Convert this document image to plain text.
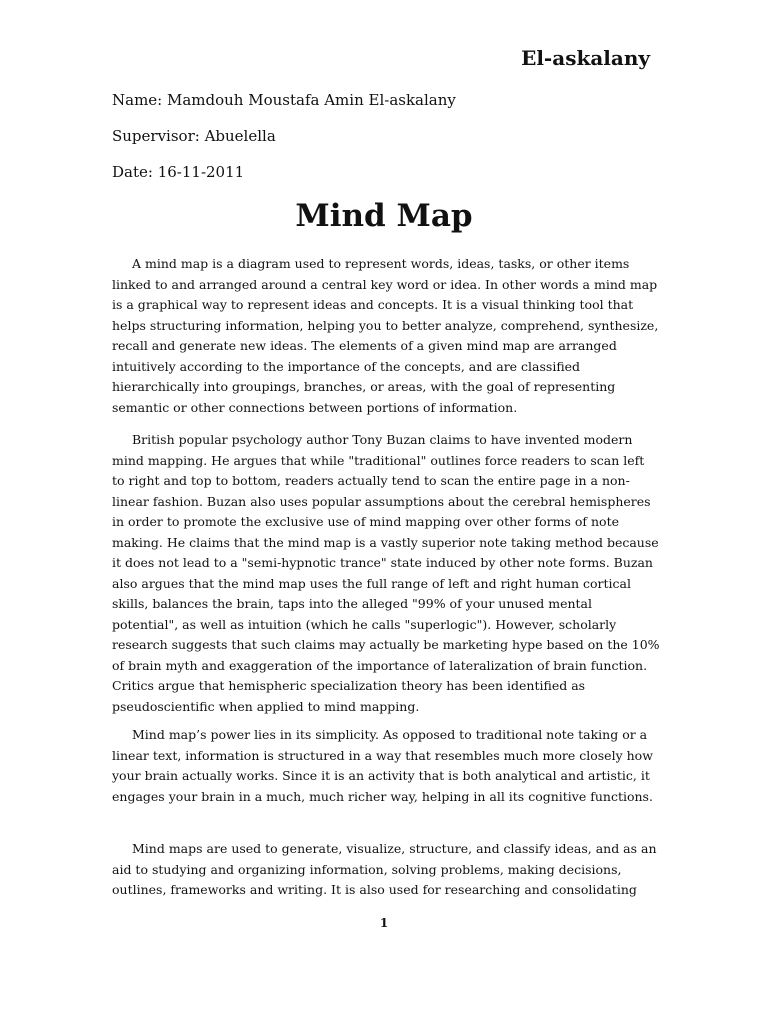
El-askalany

Name: Mamdouh Moustafa Amin El-askalany

Supervisor: Abuelella

Date: 16-11-2011

Mind Map

A mind map is a diagram used to represent words, ideas, tasks, or other items linked to and arranged around a central key word or idea. In other words a mind map is a graphical way to represent ideas and concepts. It is a visual thinking tool that helps structuring information, helping you to better analyze, comprehend, synthesize, recall and generate new ideas. The elements of a given mind map are arranged intuitively according to the importance of the concepts, and are classified hierarchically into groupings, branches, or areas, with the goal of representing semantic or other connections between portions of information.

British popular psychology author Tony Buzan claims to have invented modern mind mapping. He argues that while "traditional" outlines force readers to scan left to right and top to bottom, readers actually tend to scan the entire page in a non-linear fashion. Buzan also uses popular assumptions about the cerebral hemispheres in order to promote the exclusive use of mind mapping over other forms of note making. He claims that the mind map is a vastly superior note taking method because it does not lead to a "semi-hypnotic trance" state induced by other note forms. Buzan also argues that the mind map uses the full range of left and right human cortical skills, balances the brain, taps into the alleged "99% of your unused mental potential", as well as intuition (which he calls "superlogic"). However, scholarly research suggests that such claims may actually be marketing hype based on the 10% of brain myth and exaggeration of the importance of lateralization of brain function. Critics argue that hemispheric specialization theory has been identified as pseudoscientific when applied to mind mapping.

Mind map’s power lies in its simplicity. As opposed to traditional note taking or a linear text, information is structured in a way that resembles much more closely how your brain actually works. Since it is an activity that is both analytical and artistic, it engages your brain in a much, much richer way, helping in all its cognitive functions.

Mind maps are used to generate, visualize, structure, and classify ideas, and as an aid to studying and organizing information, solving problems, making decisions, outlines, frameworks and writing. It is also used for researching and consolidating

1
